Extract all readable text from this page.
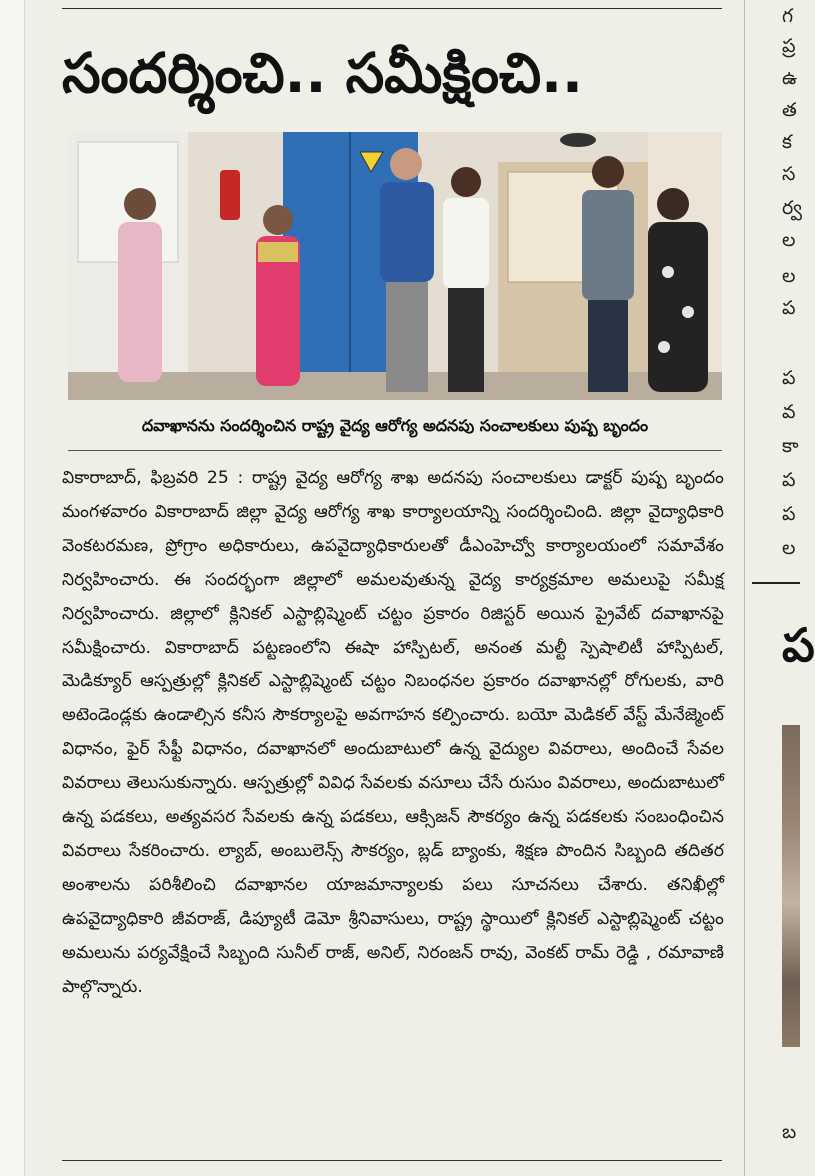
సందర్శించి.. సమీక్షించి..
దవాఖానను సందర్శించిన రాష్ట్ర వైద్య ఆరోగ్య అదనపు సంచాలకులు పుష్ప బృందం
వికారాబాద్, ఫిబ్రవరి 25 : రాష్ట్ర వైద్య ఆరోగ్య శాఖ అదనపు సంచాలకులు డాక్టర్ పుష్ప బృందం మంగళవారం వికారాబాద్ జిల్లా వైద్య ఆరోగ్య శాఖ కార్యాలయాన్ని సందర్శించింది. జిల్లా వైద్యాధికారి వెంకటరమణ, ప్రోగ్రాం అధికారులు, ఉపవైద్యాధికారులతో డీఎంహెచ్వో కార్యాలయంలో సమావేశం నిర్వహించారు. ఈ సందర్భంగా జిల్లాలో అమలవుతున్న వైద్య కార్యక్రమాల అమలుపై సమీక్ష నిర్వహించారు. జిల్లాలో క్లినికల్ ఎస్టాబ్లిష్మెంట్ చట్టం ప్రకారం రిజిస్టర్ అయిన ప్రైవేట్ దవాఖానపై సమీక్షించారు. వికారాబాద్ పట్టణంలోని ఈషా హాస్పిటల్, అనంత మల్టీ స్పెషాలిటీ హాస్పిటల్, మెడిక్యూర్ ఆస్పత్రుల్లో క్లినికల్ ఎస్టాబ్లిష్మెంట్ చట్టం నిబంధనల ప్రకారం దవాఖానల్లో రోగులకు, వారి అటెండెండ్లకు ఉండాల్సిన కనీస సౌకర్యాలపై అవగాహన కల్పించారు. బయో మెడికల్ వేస్ట్ మేనేజ్మెంట్ విధానం, ఫైర్ సేఫ్టీ విధానం, దవాఖానలో అందుబాటులో ఉన్న వైద్యుల వివరాలు, అందించే సేవల వివరాలు తెలుసుకున్నారు. ఆస్పత్రుల్లో వివిధ సేవలకు వసూలు చేసే రుసుం వివరాలు, అందుబాటులో ఉన్న పడకలు, అత్యవసర సేవలకు ఉన్న పడకలు, ఆక్సిజన్ సౌకర్యం ఉన్న పడకలకు సంబంధించిన వివరాలు సేకరించారు. ల్యాబ్, అంబులెన్స్ సౌకర్యం, బ్లడ్ బ్యాంకు, శిక్షణ పొందిన సిబ్బంది తదితర అంశాలను పరిశీలించి దవాఖానల యాజమాన్యాలకు పలు సూచనలు చేశారు. తనిఖీల్లో ఉపవైద్యాధికారి జీవరాజ్, డిప్యూటీ డెమో శ్రీనివాసులు, రాష్ట్ర స్థాయిలో క్లినికల్ ఎస్టాబ్లిష్మెంట్ చట్టం అమలును పర్యవేక్షించే సిబ్బంది సునీల్ రాజ్, అనిల్, నిరంజన్ రావు, వెంకట్ రామ్ రెడ్డి , రమావాణి పాల్గొన్నారు.
గ
ప్ర
ఉ
త
క
స
ర్వ
ల
ల
ప
ప
వ
కా
ప
ప
ల
ప
బ
